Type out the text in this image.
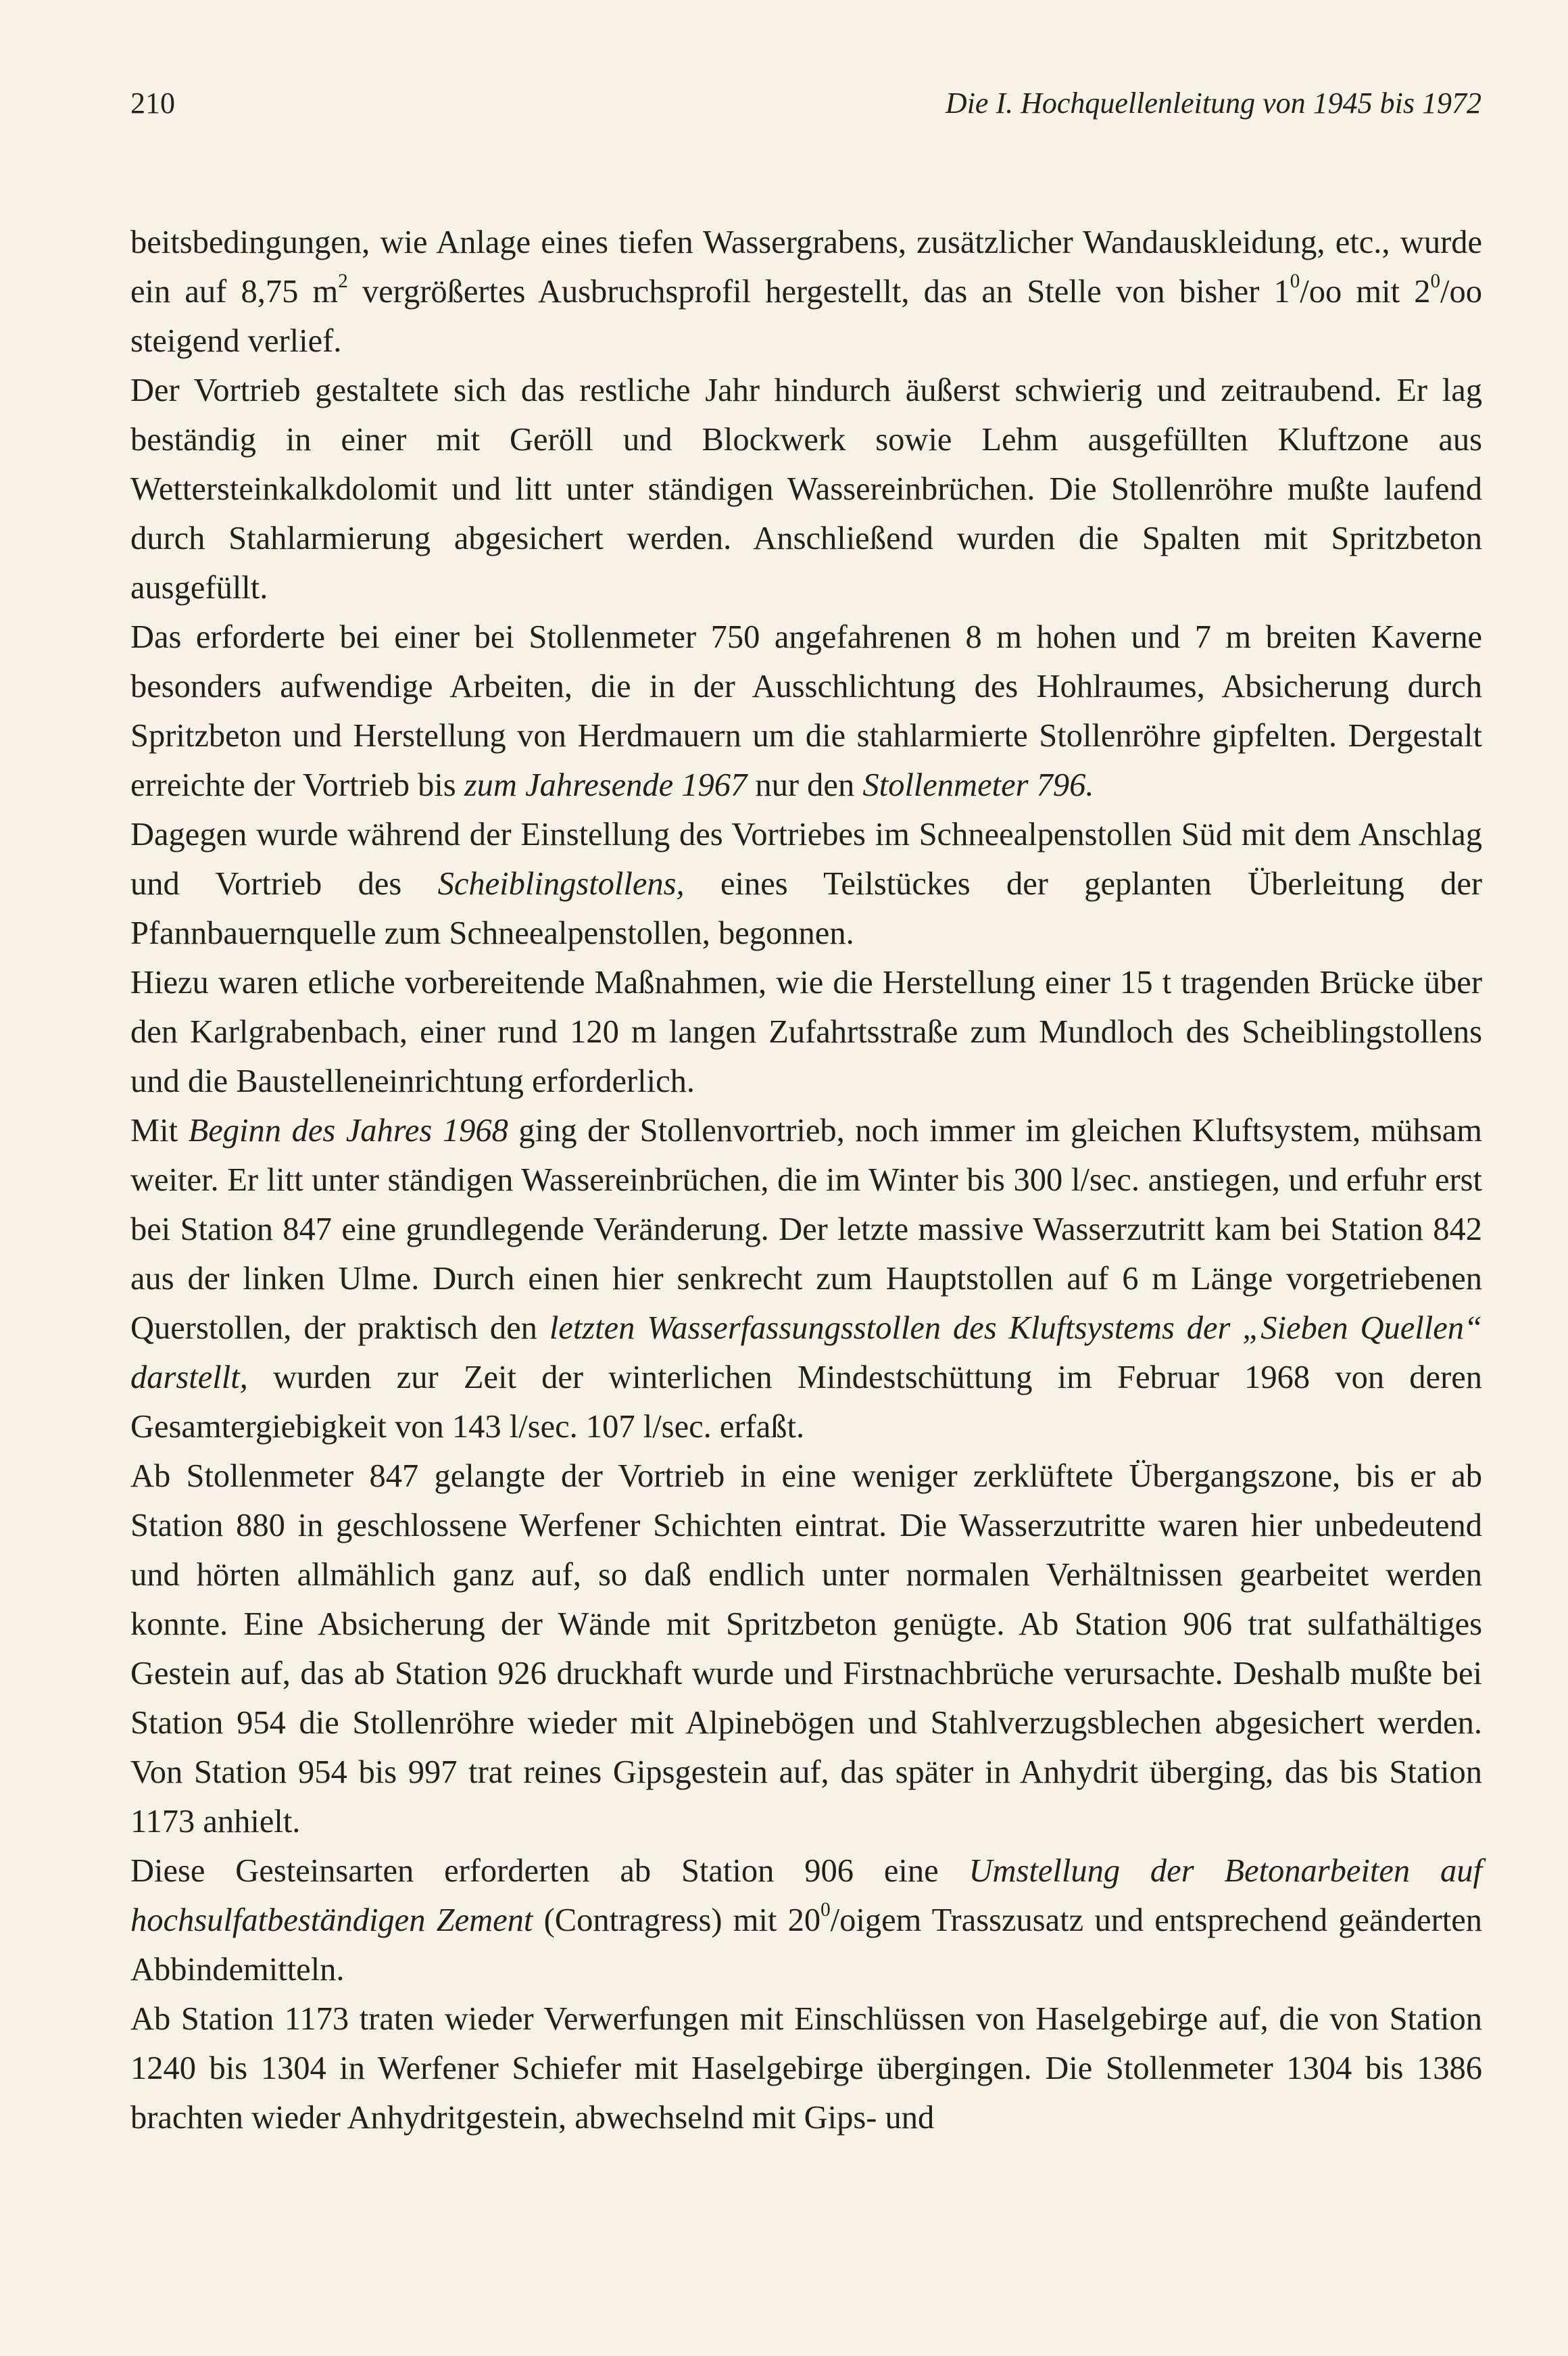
210	Die I. Hochquellenleitung von 1945 bis 1972

beitsbedingungen, wie Anlage eines tiefen Wassergrabens, zusätzlicher Wandauskleidung, etc., wurde ein auf 8,75 $m^2$ vergrößertes Ausbruchsprofil hergestellt, das an Stelle von bisher $1^0/oo$ mit $2^0/oo$ steigend verlief.

Der Vortrieb gestaltete sich das restliche Jahr hindurch äußerst schwierig und zeitraubend. Er lag beständig in einer mit Geröll und Blockwerk sowie Lehm ausgefüllten Kluftzone aus Wettersteinkalkdolomit und litt unter ständigen Wassereinbrüchen. Die Stollenröhre mußte laufend durch Stahlarmierung abgesichert werden. Anschließend wurden die Spalten mit Spritzbeton ausgefüllt.

Das erforderte bei einer bei Stollenmeter 750 angefahrenen 8 m hohen und 7 m breiten Kaverne besonders aufwendige Arbeiten, die in der Ausschlichtung des Hohlraumes, Absicherung durch Spritzbeton und Herstellung von Herdmauern um die stahlarmierte Stollenröhre gipfelten. Dergestalt erreichte der Vortrieb bis zum Jahresende 1967 nur den Stollenmeter 796.

Dagegen wurde während der Einstellung des Vortriebes im Schneealpenstollen Süd mit dem Anschlag und Vortrieb des Scheiblingstollens, eines Teilstückes der geplanten Überleitung der Pfannbauernquelle zum Schneealpenstollen, begonnen.

Hiezu waren etliche vorbereitende Maßnahmen, wie die Herstellung einer 15 t tragenden Brücke über den Karlgrabenbach, einer rund 120 m langen Zufahrtsstraße zum Mundloch des Scheiblingstollens und die Baustelleneinrichtung erforderlich.

Mit Beginn des Jahres 1968 ging der Stollenvortrieb, noch immer im gleichen Kluftsystem, mühsam weiter. Er litt unter ständigen Wassereinbrüchen, die im Winter bis 300 l/sec. anstiegen, und erfuhr erst bei Station 847 eine grundlegende Veränderung. Der letzte massive Wasserzutritt kam bei Station 842 aus der linken Ulme. Durch einen hier senkrecht zum Hauptstollen auf 6 m Länge vorgetriebenen Querstollen, der praktisch den letzten Wasserfassungsstollen des Kluftsystems der „Sieben Quellen“ darstellt, wurden zur Zeit der winterlichen Mindestschüttung im Februar 1968 von deren Gesamtergiebigkeit von 143 l/sec. 107 l/sec. erfaßt.

Ab Stollenmeter 847 gelangte der Vortrieb in eine weniger zerklüftete Übergangszone, bis er ab Station 880 in geschlossene Werfener Schichten eintrat. Die Wasserzutritte waren hier unbedeutend und hörten allmählich ganz auf, so daß endlich unter normalen Verhältnissen gearbeitet werden konnte. Eine Absicherung der Wände mit Spritzbeton genügte. Ab Station 906 trat sulfathältiges Gestein auf, das ab Station 926 druckhaft wurde und Firstnachbrüche verursachte. Deshalb mußte bei Station 954 die Stollenröhre wieder mit Alpinebögen und Stahlverzugsblechen abgesichert werden. Von Station 954 bis 997 trat reines Gipsgestein auf, das später in Anhydrit überging, das bis Station 1173 anhielt.

Diese Gesteinsarten erforderten ab Station 906 eine Umstellung der Betonarbeiten auf hochsulfatbeständigen Zement (Contragress) mit $20^0$/oigem Trasszusatz und entsprechend geänderten Abbindemitteln.

Ab Station 1173 traten wieder Verwerfungen mit Einschlüssen von Haselgebirge auf, die von Station 1240 bis 1304 in Werfener Schiefer mit Haselgebirge übergingen. Die Stollenmeter 1304 bis 1386 brachten wieder Anhydritgestein, abwechselnd mit Gips- und
